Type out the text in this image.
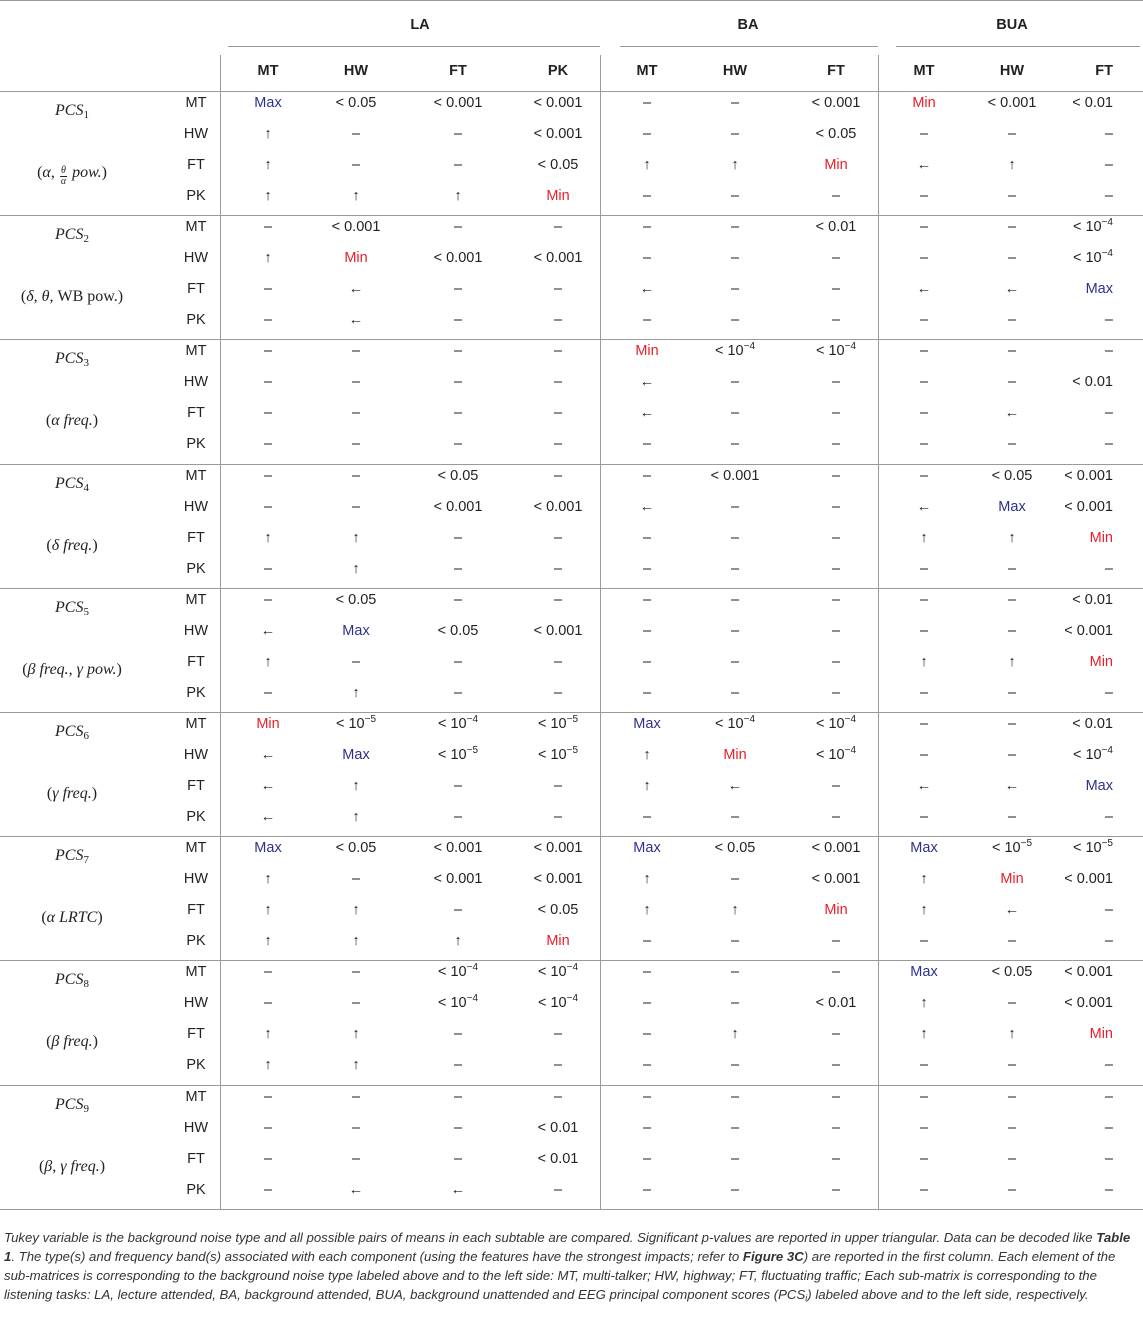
LA	BA	BUA
MT	HW	FT	PK	MT	HW	FT	MT	HW	FT
$PCS_1$
(α, $\frac{\theta}{\alpha} pow$.)
MT	Max	< 0.05	< 0.001	< 0.001	–	–	< 0.001	Min	< 0.001 < 0.01
HW	↑	–	–	< 0.001	–	–	< 0.05	–	–	–
FT	↑	–	–	< 0.05	↑	↑	Min	←	↑	–
PK	↑	↑	↑	Min	–	–	–	–	–	–
$PCS_2$
(δ, θ, WB pow.)
MT	–	< 0.001	–	–	–	–	< 0.01	–	–	< $10^{-4}$
HW	↑	Min	< 0.001	< 0.001	–	–	–	–	–	< $10^{-4}$
FT	–	←	–	–	←	–	–	←	←	Max
PK	–	←	–	–	–	–	–	–	–	–
$PCS_3$
(α freq.)
MT	–	–	–	–	Min	< $10^{-4}$	< $10^{-4}$	–	–	–
HW	–	–	–	–	←	–	–	–	–	< 0.01
FT	–	–	–	–	←	–	–	–	←	–
PK	–	–	–	–	–	–	–	–	–	–
$PCS_4$
(δ freq.)
MT	–	–	< 0.05	–	–	< 0.001	–	–	< 0.05 < 0.001
HW	–	–	< 0.001	< 0.001	←	–	–	←	Max	< 0.001
FT	↑	↑	–	–	–	–	–	↑	↑	Min
PK	–	↑	–	–	–	–	–	–	–	–
$PCS_5$
(β freq., γ pow.)
MT	–	< 0.05	–	–	–	–	–	–	–	< 0.01
HW	←	Max	< 0.05	< 0.001	–	–	–	–	–	< 0.001
FT	↑	–	–	–	–	–	–	↑	↑	Min
PK	–	↑	–	–	–	–	–	–	–	–
$PCS_6$
(γ freq.)
MT	Min	< $10^{-5}$	< $10^{-4}$	< $10^{-5}$	Max	< $10^{-4}$	< $10^{-4}$	–	–	< 0.01
HW	←	Max	< $10^{-5}$	< $10^{-5}$	↑	Min	< $10^{-4}$	–	–	< $10^{-4}$
FT	←	↑	–	–	↑	←	–	←	←	Max
PK	←	↑	–	–	–	–	–	–	–	–
$PCS_7$
(α LRTC)
MT	Max	< 0.05	< 0.001	< 0.001	Max	< 0.05	< 0.001	Max	< $10^{-5}$	< $10^{-5}$
HW	↑	–	< 0.001	< 0.001	↑	–	< 0.001	↑	Min	< 0.001
FT	↑	↑	–	< 0.05	↑	↑	Min	↑	←	–
PK	↑	↑	↑	Min	–	–	–	–	–	–
$PCS_8$
(β freq.)
MT	–	–	< $10^{-4}$	< $10^{-4}$	–	–	–	Max	< 0.05 < 0.001
HW	–	–	< $10^{-4}$	< $10^{-4}$	–	–	< 0.01	↑	–	< 0.001
FT	↑	↑	–	–	–	↑	–	↑	↑	Min
PK	↑	↑	–	–	–	–	–	–	–	–
$PCS_9$
(β, γ freq.)
MT	–	–	–	–	–	–	–	–	–	–
HW	–	–	–	< 0.01	–	–	–	–	–	–
FT	–	–	–	< 0.01	–	–	–	–	–	–
PK	–	←	←	–	–	–	–	–	–	–
Tukey variable is the background noise type and all possible pairs of means in each subtable are compared. Significant p-values are reported in upper triangular. Data can be decoded like Table 1. The type(s) and frequency band(s) associated with each component (using the features have the strongest impacts; refer to Figure 3C) are reported in the first column. Each element of the sub-matrices is corresponding to the background noise type labeled above and to the left side: MT, multi-talker; HW, highway; FT, fluctuating traffic; Each sub-matrix is corresponding to the listening tasks: LA, lecture attended, BA, background attended, BUA, background unattended and EEG principal component scores $(PCS_i)$ labeled above and to the left side, respectively.
